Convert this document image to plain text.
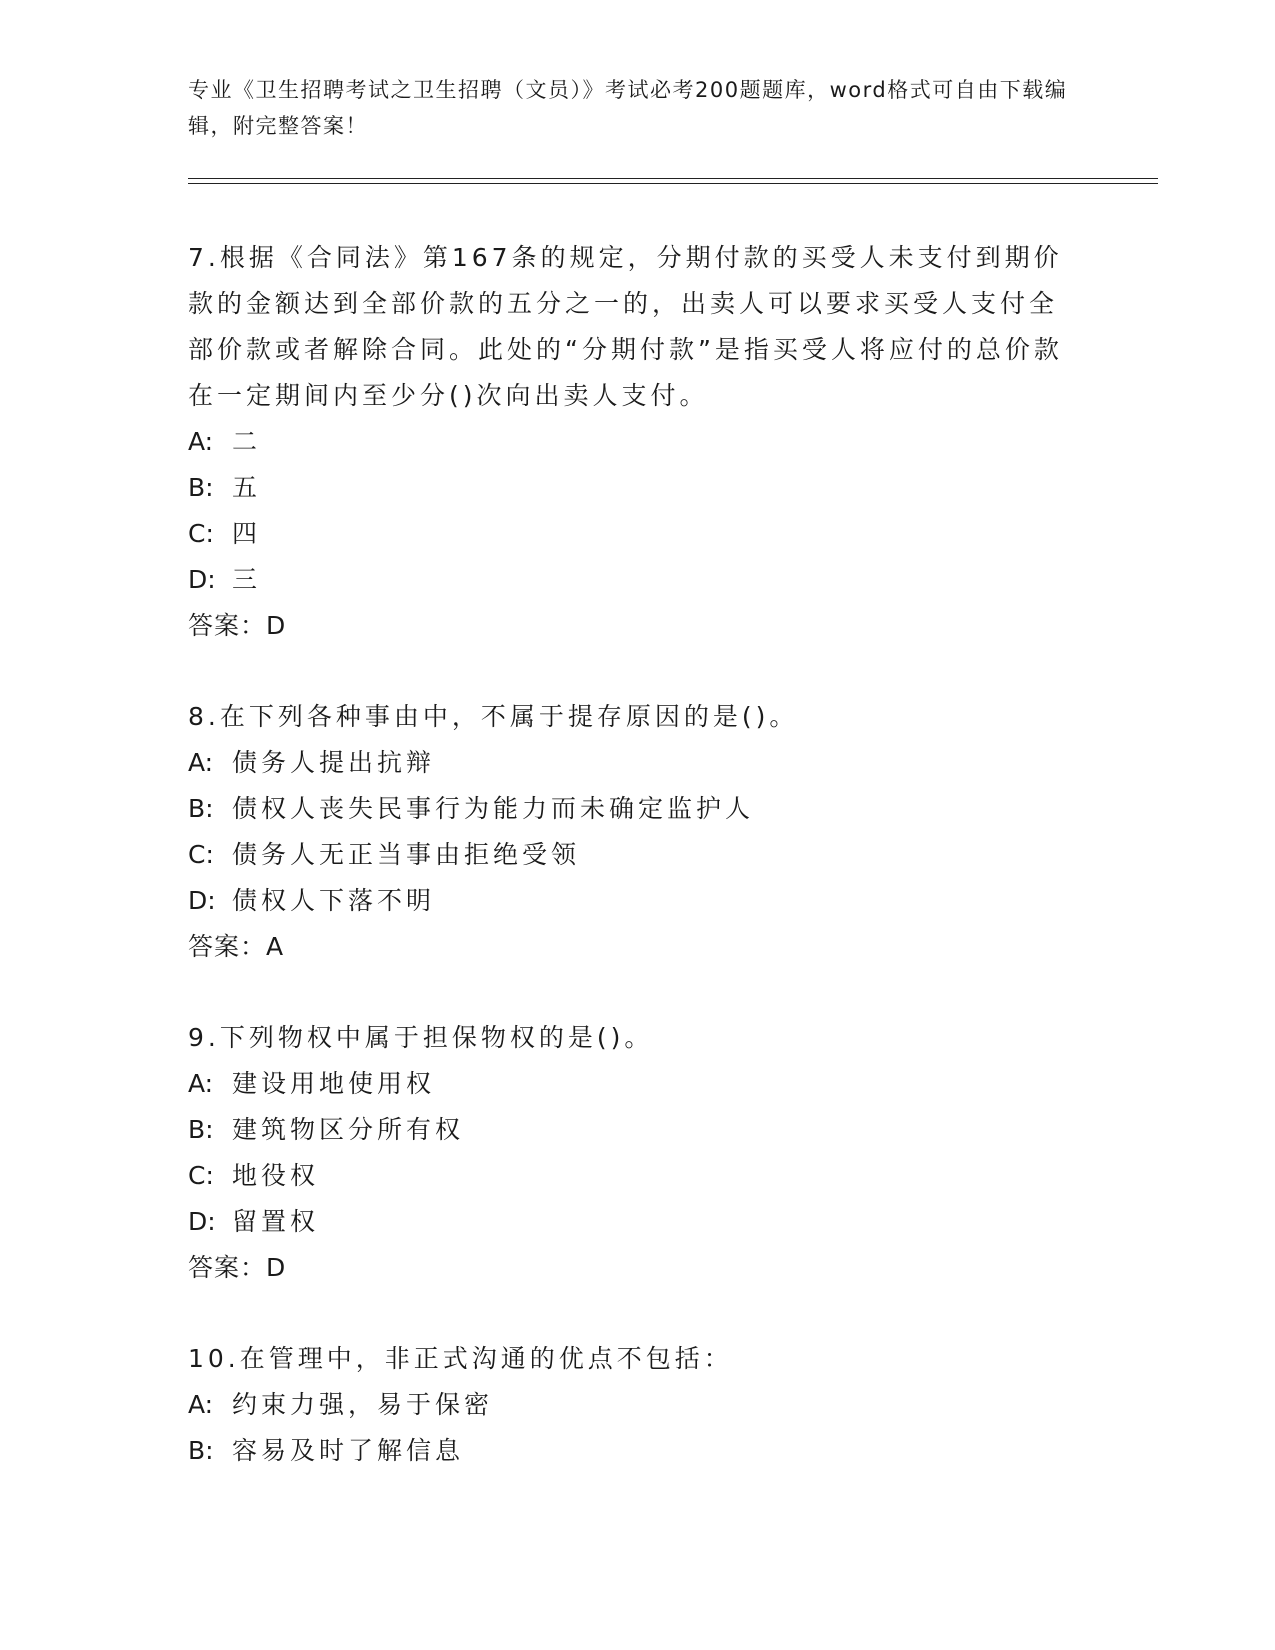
专业《卫生招聘考试之卫生招聘（文员）》考试必考200题题库，word格式可自由下载编辑，附完整答案！
7.根据《合同法》第167条的规定，分期付款的买受人未支付到期价款的金额达到全部价款的五分之一的，出卖人可以要求买受人支付全部价款或者解除合同。此处的“分期付款”是指买受人将应付的总价款在一定期间内至少分()次向出卖人支付。
A: 二
B: 五
C: 四
D: 三
答案：D
8.在下列各种事由中，不属于提存原因的是()。
A: 债务人提出抗辩
B: 债权人丧失民事行为能力而未确定监护人
C: 债务人无正当事由拒绝受领
D: 债权人下落不明
答案：A
9.下列物权中属于担保物权的是()。
A: 建设用地使用权
B: 建筑物区分所有权
C: 地役权
D: 留置权
答案：D
10.在管理中，非正式沟通的优点不包括：
A: 约束力强，易于保密
B: 容易及时了解信息
